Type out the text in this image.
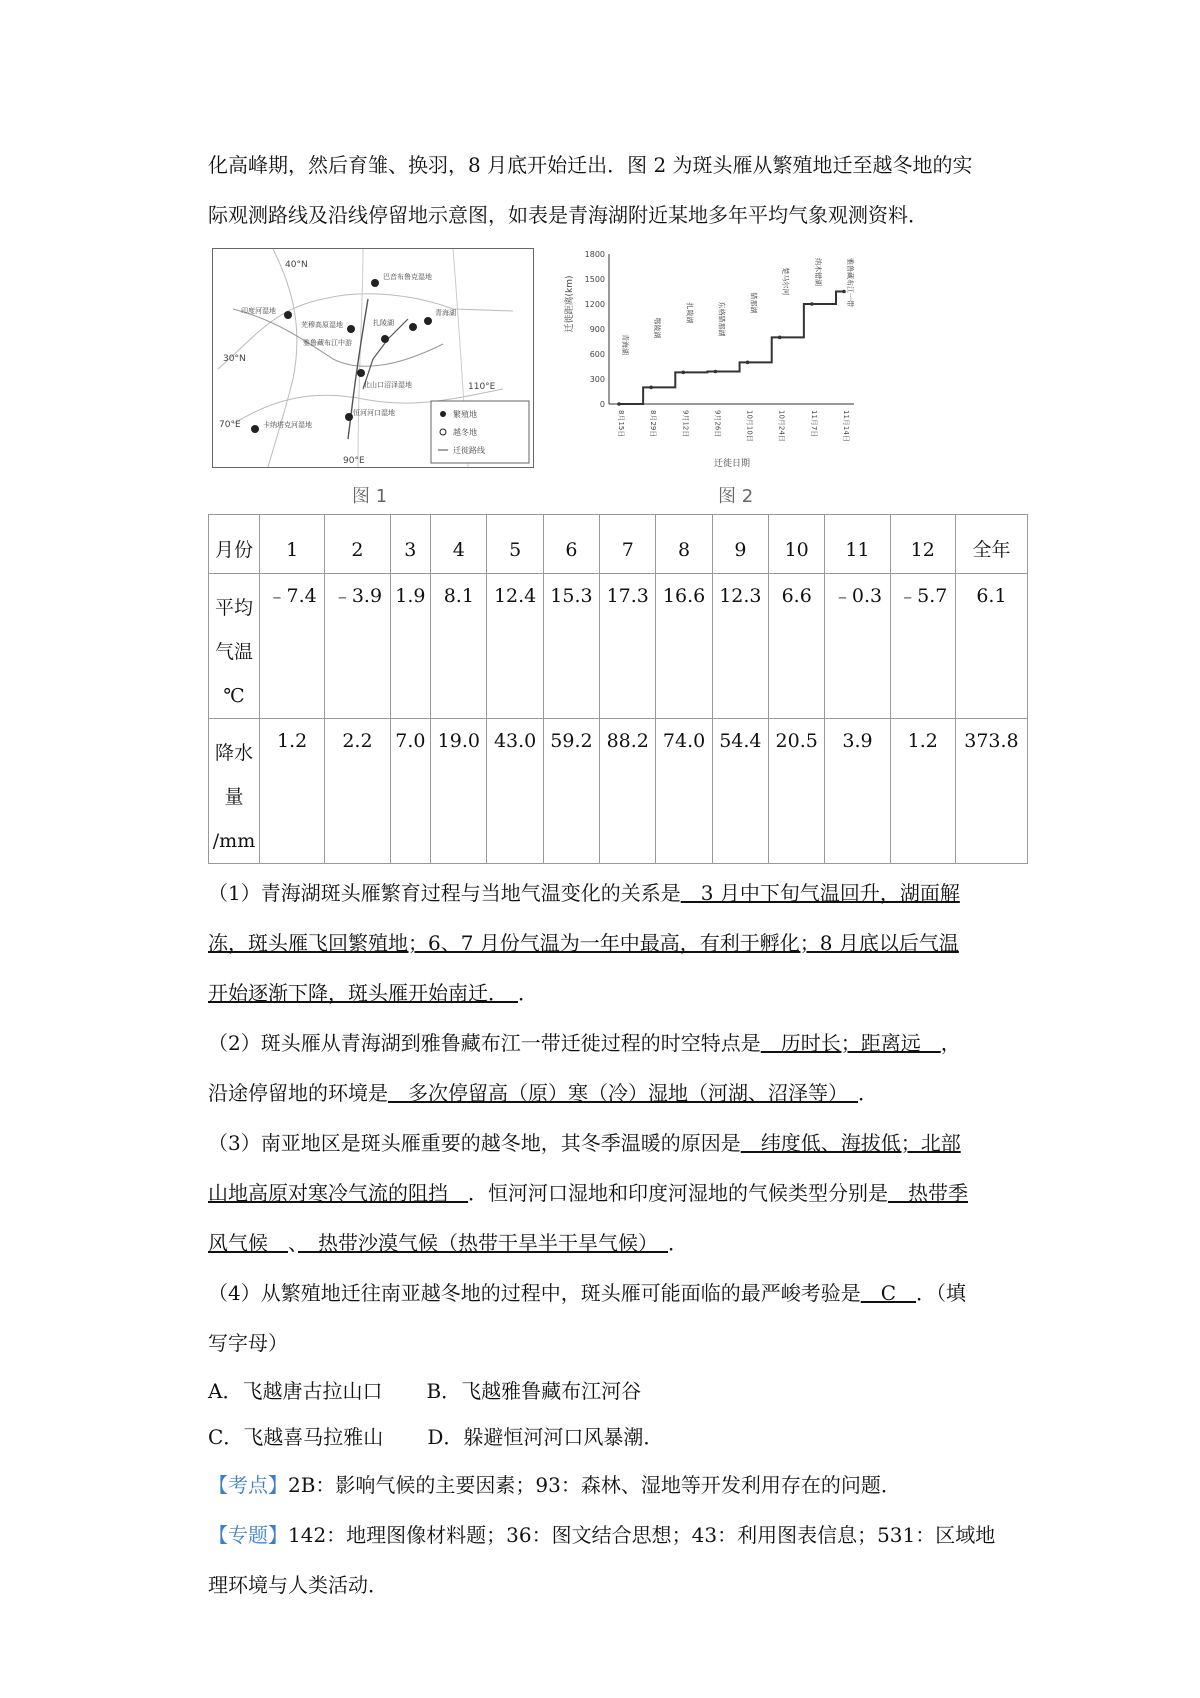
化高峰期，然后育雏、换羽，8 月底开始迁出．图 2 为斑头雁从繁殖地迁至越冬地的实

际观测路线及沿线停留地示意图，如表是青海湖附近某地多年平均气象观测资料．

40°N
30°N
110°E
70°E
90°E
巴音布鲁克湿地
印度河湿地
芜穆高原湿地
雅鲁藏布江中游
扎陵湖
青海湖
北山口沼泽湿地
恒河河口湿地
卡纳塔克河湿地
繁殖地
越冬地
迁徙路线
图 1
1800
1500
1200
900
600
300
0
8月15日	8月29日	9月12日	9月26日	10月10日	10月24日	11月7日	11月14日
青海湖
鄂陵湖
扎陵湖	东格错那湖	错那湖
楚马尔河	纳木错湖	雅鲁藏布江一带
迁徙距离(km)
迁徙日期
图 2
月份	1	2	3	4	5	6	7	8	9	10	11	12	全年

平均
气温
℃	﹣7.4	﹣3.9	1.9	8.1	12.4	15.3	17.3	16.6	12.3	6.6	﹣0.3	﹣5.7	6.1

降水
量
/mm	1.2	2.2	7.0	19.0	43.0	59.2	88.2	74.0	54.4	20.5	3.9	1.2	373.8

（1）青海湖斑头雁繁育过程与当地气温变化的关系是　3 月中下旬气温回升，湖面解
冻，斑头雁飞回繁殖地；6、7 月份气温为一年中最高，有利于孵化；8 月底以后气温
开始逐渐下降，斑头雁开始南迁．　．

（2）斑头雁从青海湖到雅鲁藏布江一带迁徙过程的时空特点是　历时长；距离远　，
沿途停留地的环境是　多次停留高（原）寒（冷）湿地（河湖、沼泽等）　．

（3）南亚地区是斑头雁重要的越冬地，其冬季温暖的原因是　纬度低、海拔低；北部
山地高原对寒冷气流的阻挡　．恒河河口湿地和印度河湿地的气候类型分别是　热带季
风气候　、　热带沙漠气候（热带干旱半干旱气候）　．

（4）从繁殖地迁往南亚越冬地的过程中，斑头雁可能面临的最严峻考验是　C　．（填
写字母）

A．飞越唐古拉山口 B．飞越雅鲁藏布江河谷
C．飞越喜马拉雅山 D．躲避恒河河口风暴潮．

【考点】2B：影响气候的主要因素；93：森林、湿地等开发利用存在的问题．

【专题】142：地理图像材料题；36：图文结合思想；43：利用图表信息；531：区域地
理环境与人类活动．
